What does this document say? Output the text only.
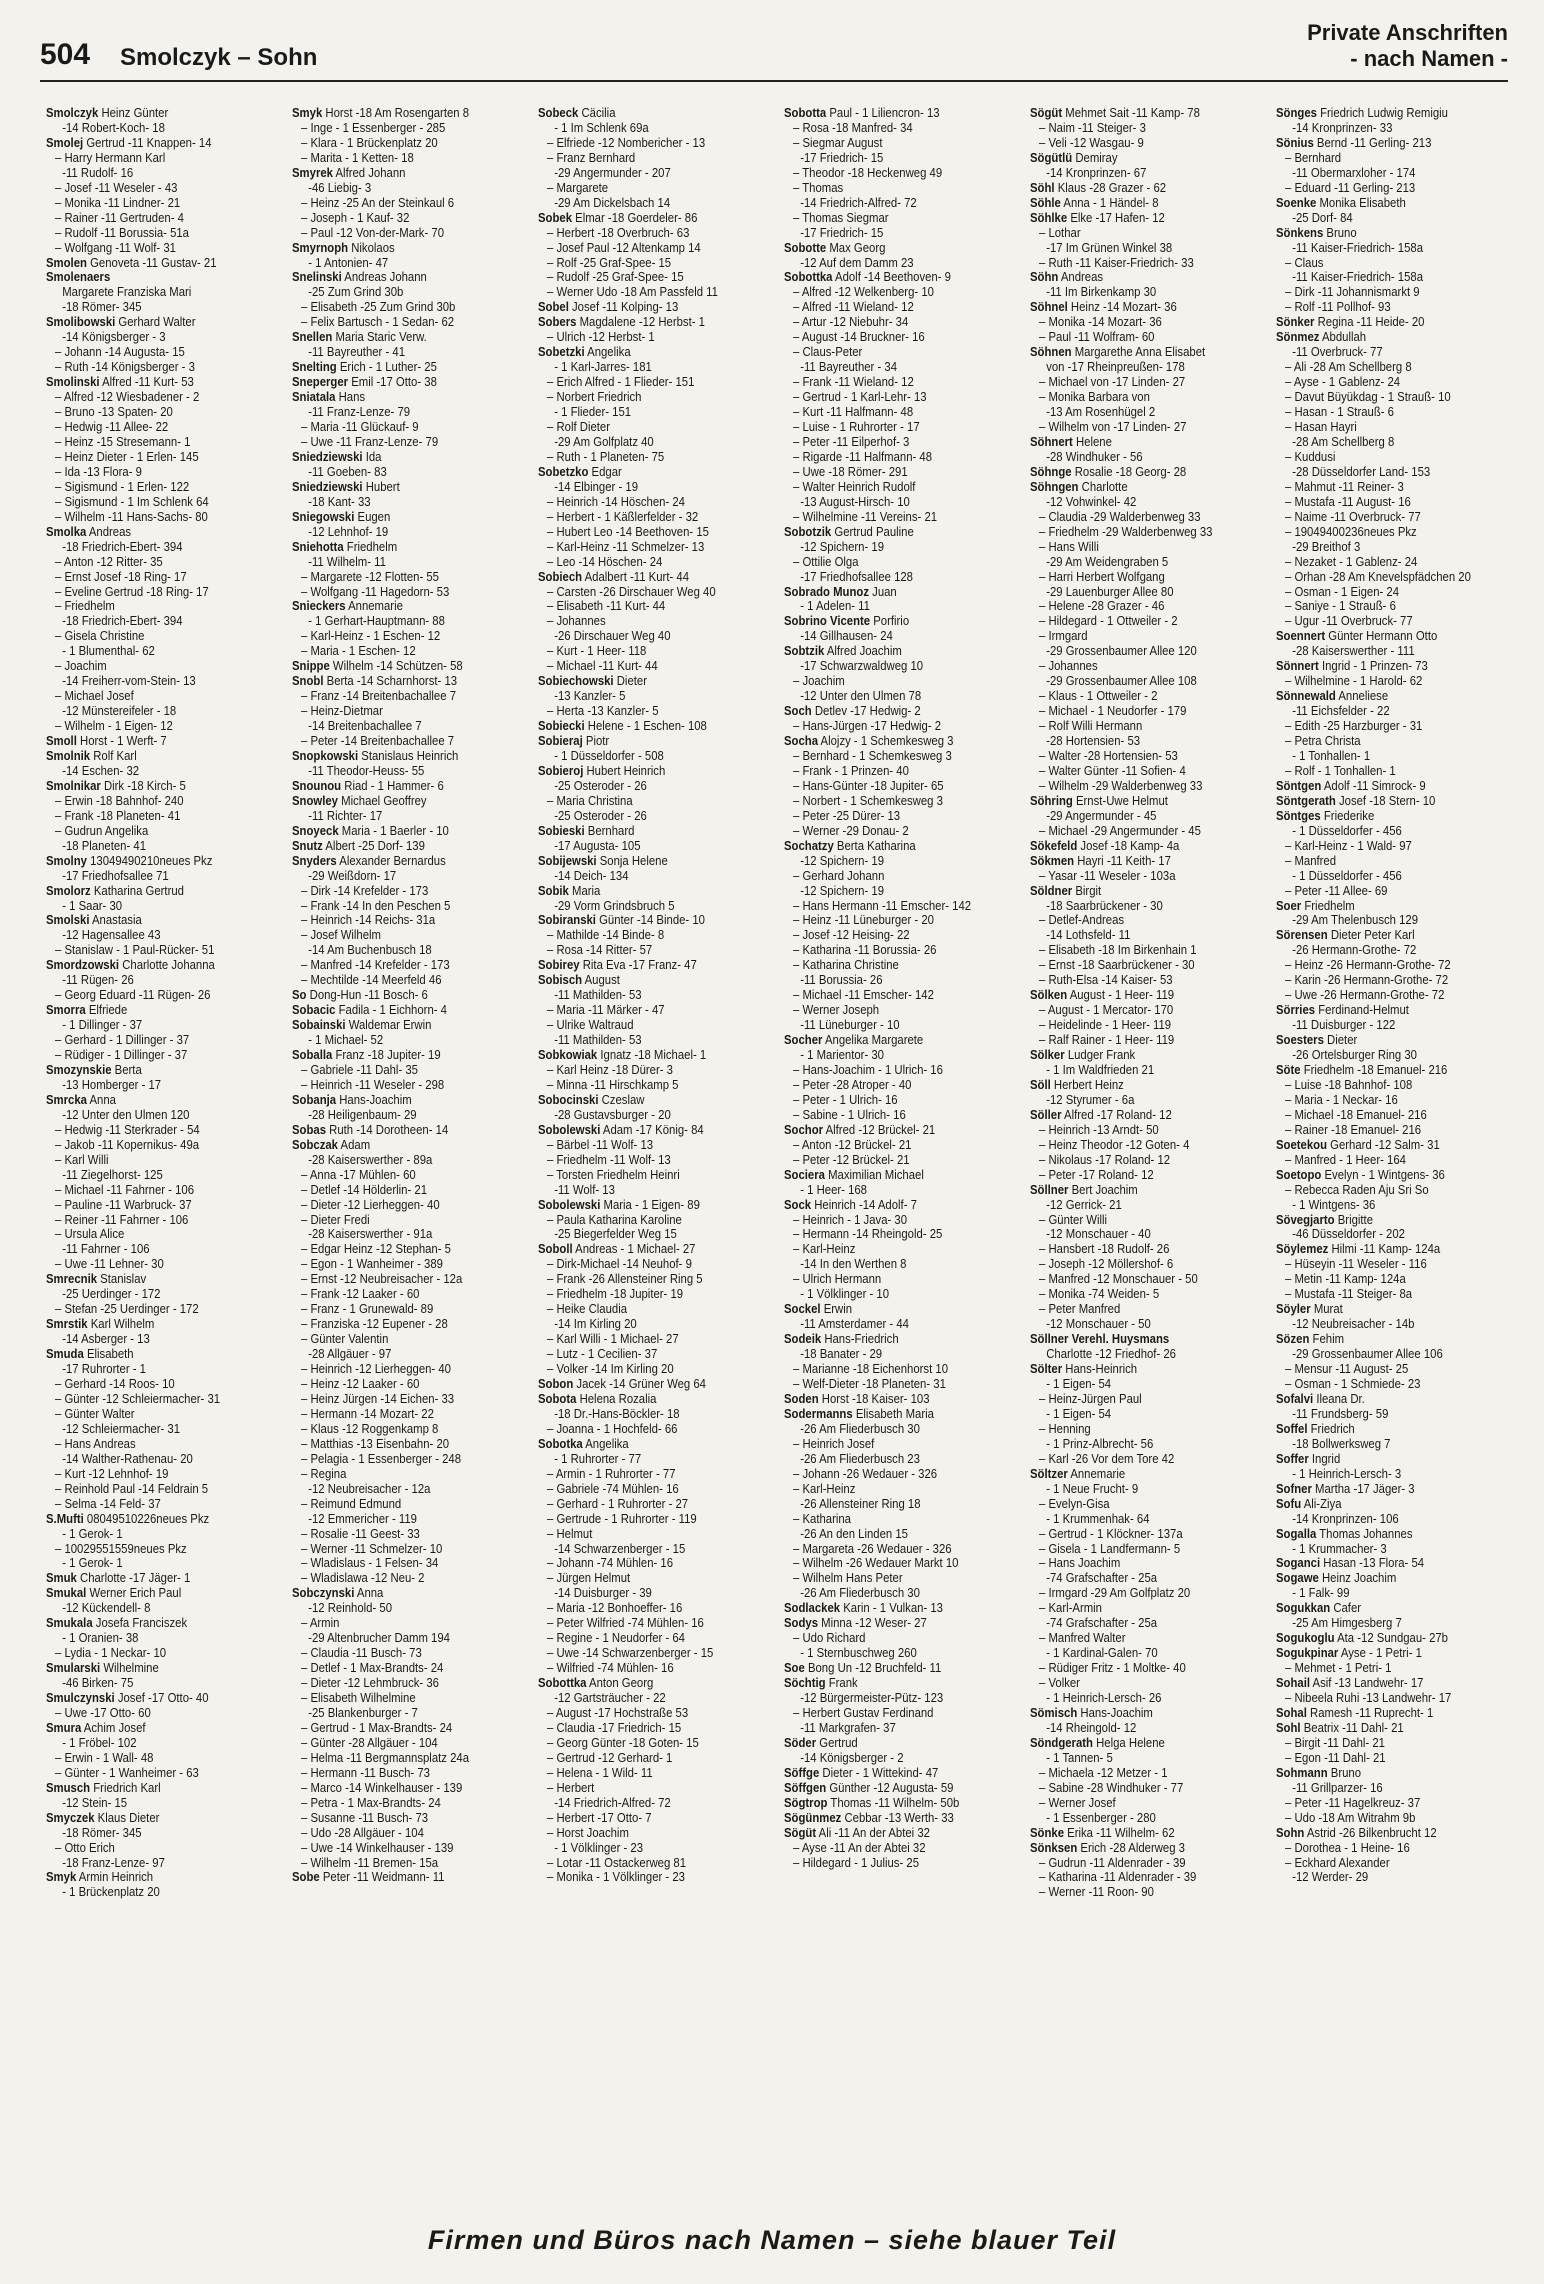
504 Smolczyk – Sohn
Private Anschriften
- nach Namen -
Smolczyk Heinz Günter
-14 Robert-Koch- 18
Smolej Gertrud -11 Knappen- 14
– Harry Hermann Karl
-11 Rudolf- 16
– Josef -11 Weseler - 43
– Monika -11 Lindner- 21
– Rainer -11 Gertruden- 4
– Rudolf -11 Borussia- 51a
– Wolfgang -11 Wolf- 31
Smolen Genoveta -11 Gustav- 21
Smolenaers
Margarete Franziska Mari
-18 Römer- 345
Smolibowski Gerhard Walter
-14 Königsberger - 3
– Johann -14 Augusta- 15
– Ruth -14 Königsberger - 3
Smolinski Alfred -11 Kurt- 53
– Alfred -12 Wiesbadener - 2
– Bruno -13 Spaten- 20
– Hedwig -11 Allee- 22
– Heinz -15 Stresemann- 1
– Heinz Dieter - 1 Erlen- 145
– Ida -13 Flora- 9
– Sigismund - 1 Erlen- 122
– Sigismund - 1 Im Schlenk 64
– Wilhelm -11 Hans-Sachs- 80
Smolka Andreas
-18 Friedrich-Ebert- 394
– Anton -12 Ritter- 35
– Ernst Josef -18 Ring- 17
– Eveline Gertrud -18 Ring- 17
– Friedhelm
-18 Friedrich-Ebert- 394
– Gisela Christine
- 1 Blumenthal- 62
– Joachim
-14 Freiherr-vom-Stein- 13
– Michael Josef
-12 Münstereifeler - 18
– Wilhelm - 1 Eigen- 12
Smoll Horst - 1 Werft- 7
Smolnik Rolf Karl
-14 Eschen- 32
Smolnikar Dirk -18 Kirch- 5
– Erwin -18 Bahnhof- 240
– Frank -18 Planeten- 41
– Gudrun Angelika
-18 Planeten- 41
Smolny 13049490210neues Pkz
-17 Friedhofsallee 71
Smolorz Katharina Gertrud
- 1 Saar- 30
Smolski Anastasia
-12 Hagensallee 43
– Stanislaw - 1 Paul-Rücker- 51
Smordzowski Charlotte Johanna
-11 Rügen- 26
– Georg Eduard -11 Rügen- 26
Smorra Elfriede
- 1 Dillinger - 37
– Gerhard - 1 Dillinger - 37
– Rüdiger - 1 Dillinger - 37
Smozynskie Berta
-13 Homberger - 17
Smrcka Anna
-12 Unter den Ulmen 120
– Hedwig -11 Sterkrader - 54
– Jakob -11 Kopernikus- 49a
– Karl Willi
-11 Ziegelhorst- 125
– Michael -11 Fahrner - 106
– Pauline -11 Warbruck- 37
– Reiner -11 Fahrner - 106
– Ursula Alice
-11 Fahrner - 106
– Uwe -11 Lehner- 30
Smrecnik Stanislav
-25 Uerdinger - 172
– Stefan -25 Uerdinger - 172
Smrstik Karl Wilhelm
-14 Asberger - 13
Smuda Elisabeth
-17 Ruhrorter - 1
– Gerhard -14 Roos- 10
– Günter -12 Schleiermacher- 31
– Günter Walter
-12 Schleiermacher- 31
– Hans Andreas
-14 Walther-Rathenau- 20
– Kurt -12 Lehnhof- 19
– Reinhold Paul -14 Feldrain 5
– Selma -14 Feld- 37
S.Mufti 08049510226neues Pkz
- 1 Gerok- 1
– 10029551559neues Pkz
- 1 Gerok- 1
Smuk Charlotte -17 Jäger- 1
Smukal Werner Erich Paul
-12 Kückendell- 8
Smukala Josefa Franciszek
- 1 Oranien- 38
– Lydia - 1 Neckar- 10
Smularski Wilhelmine
-46 Birken- 75
Smulczynski Josef -17 Otto- 40
– Uwe -17 Otto- 60
Smura Achim Josef
- 1 Fröbel- 102
– Erwin - 1 Wall- 48
– Günter - 1 Wanheimer - 63
Smusch Friedrich Karl
-12 Stein- 15
Smyczek Klaus Dieter
-18 Römer- 345
– Otto Erich
-18 Franz-Lenze- 97
Smyk Armin Heinrich
- 1 Brückenplatz 20
Smyk Horst -18 Am Rosengarten 8
– Inge - 1 Essenberger - 285
– Klara - 1 Brückenplatz 20
– Marita - 1 Ketten- 18
Smyrek Alfred Johann
-46 Liebig- 3
– Heinz -25 An der Steinkaul 6
– Joseph - 1 Kauf- 32
– Paul -12 Von-der-Mark- 70
Smyrnoph Nikolaos
- 1 Antonien- 47
Snelinski Andreas Johann
-25 Zum Grind 30b
– Elisabeth -25 Zum Grind 30b
– Felix Bartusch - 1 Sedan- 62
Snellen Maria Staric Verw.
-11 Bayreuther - 41
Snelting Erich - 1 Luther- 25
Sneperger Emil -17 Otto- 38
Sniatala Hans
-11 Franz-Lenze- 79
– Maria -11 Glückauf- 9
– Uwe -11 Franz-Lenze- 79
Sniedziewski Ida
-11 Goeben- 83
Sniedziewski Hubert
-18 Kant- 33
Sniegowski Eugen
-12 Lehnhof- 19
Sniehotta Friedhelm
-11 Wilhelm- 11
– Margarete -12 Flotten- 55
– Wolfgang -11 Hagedorn- 53
Snieckers Annemarie
- 1 Gerhart-Hauptmann- 88
– Karl-Heinz - 1 Eschen- 12
– Maria - 1 Eschen- 12
Snippe Wilhelm -14 Schützen- 58
Snobl Berta -14 Scharnhorst- 13
– Franz -14 Breitenbachallee 7
– Heinz-Dietmar
-14 Breitenbachallee 7
– Peter -14 Breitenbachallee 7
Snopkowski Stanislaus Heinrich
-11 Theodor-Heuss- 55
Snounou Riad - 1 Hammer- 6
Snowley Michael Geoffrey
-11 Richter- 17
Snoyeck Maria - 1 Baerler - 10
Snutz Albert -25 Dorf- 139
Snyders Alexander Bernardus
-29 Weißdorn- 17
– Dirk -14 Krefelder - 173
– Frank -14 In den Peschen 5
– Heinrich -14 Reichs- 31a
– Josef Wilhelm
-14 Am Buchenbusch 18
– Manfred -14 Krefelder - 173
– Mechtilde -14 Meerfeld 46
So Dong-Hun -11 Bosch- 6
Sobacic Fadila - 1 Eichhorn- 4
Sobainski Waldemar Erwin
- 1 Michael- 52
Soballa Franz -18 Jupiter- 19
– Gabriele -11 Dahl- 35
– Heinrich -11 Weseler - 298
Sobanja Hans-Joachim
-28 Heiligenbaum- 29
Sobas Ruth -14 Dorotheen- 14
Sobczak Adam
-28 Kaiserswerther - 89a
– Anna -17 Mühlen- 60
– Detlef -14 Hölderlin- 21
– Dieter -12 Lierheggen- 40
– Dieter Fredi
-28 Kaiserswerther - 91a
– Edgar Heinz -12 Stephan- 5
– Egon - 1 Wanheimer - 389
– Ernst -12 Neubreisacher - 12a
– Frank -12 Laaker - 60
– Franz - 1 Grunewald- 89
– Franziska -12 Eupener - 28
– Günter Valentin
-28 Allgäuer - 97
– Heinrich -12 Lierheggen- 40
– Heinz -12 Laaker - 60
– Heinz Jürgen -14 Eichen- 33
– Hermann -14 Mozart- 22
– Klaus -12 Roggenkamp 8
– Matthias -13 Eisenbahn- 20
– Pelagia - 1 Essenberger - 248
– Regina
-12 Neubreisacher - 12a
– Reimund Edmund
-12 Emmericher - 119
– Rosalie -11 Geest- 33
– Werner -11 Schmelzer- 10
– Wladislaus - 1 Felsen- 34
– Wladislawa -12 Neu- 2
Sobczynski Anna
-12 Reinhold- 50
– Armin
-29 Altenbrucher Damm 194
– Claudia -11 Busch- 73
– Detlef - 1 Max-Brandts- 24
– Dieter -12 Lehmbruck- 36
– Elisabeth Wilhelmine
-25 Blankenburger - 7
– Gertrud - 1 Max-Brandts- 24
– Günter -28 Allgäuer - 104
– Helma -11 Bergmannsplatz 24a
– Hermann -11 Busch- 73
– Marco -14 Winkelhauser - 139
– Petra - 1 Max-Brandts- 24
– Susanne -11 Busch- 73
– Udo -28 Allgäuer - 104
– Uwe -14 Winkelhauser - 139
– Wilhelm -11 Bremen- 15a
Sobe Peter -11 Weidmann- 11
Sobeck Cäcilia
- 1 Im Schlenk 69a
– Elfriede -12 Nombericher - 13
– Franz Bernhard
-29 Angermunder - 207
– Margarete
-29 Am Dickelsbach 14
Sobek Elmar -18 Goerdeler- 86
– Herbert -18 Overbruch- 63
– Josef Paul -12 Altenkamp 14
– Rolf -25 Graf-Spee- 15
– Rudolf -25 Graf-Spee- 15
– Werner Udo -18 Am Passfeld 11
Sobel Josef -11 Kolping- 13
Sobers Magdalene -12 Herbst- 1
– Ulrich -12 Herbst- 1
Sobetzki Angelika
- 1 Karl-Jarres- 181
– Erich Alfred - 1 Flieder- 151
– Norbert Friedrich
- 1 Flieder- 151
– Rolf Dieter
-29 Am Golfplatz 40
– Ruth - 1 Planeten- 75
Sobetzko Edgar
-14 Elbinger - 19
– Heinrich -14 Höschen- 24
– Herbert - 1 Käßlerfelder - 32
– Hubert Leo -14 Beethoven- 15
– Karl-Heinz -11 Schmelzer- 13
– Leo -14 Höschen- 24
Sobiech Adalbert -11 Kurt- 44
– Carsten -26 Dirschauer Weg 40
– Elisabeth -11 Kurt- 44
– Johannes
-26 Dirschauer Weg 40
– Kurt - 1 Heer- 118
– Michael -11 Kurt- 44
Sobiechowski Dieter
-13 Kanzler- 5
– Herta -13 Kanzler- 5
Sobiecki Helene - 1 Eschen- 108
Sobieraj Piotr
- 1 Düsseldorfer - 508
Sobieroj Hubert Heinrich
-25 Osteroder - 26
– Maria Christina
-25 Osteroder - 26
Sobieski Bernhard
-17 Augusta- 105
Sobijewski Sonja Helene
-14 Deich- 134
Sobik Maria
-29 Vorm Grindsbruch 5
Sobiranski Günter -14 Binde- 10
– Mathilde -14 Binde- 8
– Rosa -14 Ritter- 57
Sobirey Rita Eva -17 Franz- 47
Sobisch August
-11 Mathilden- 53
– Maria -11 Märker - 47
– Ulrike Waltraud
-11 Mathilden- 53
Sobkowiak Ignatz -18 Michael- 1
– Karl Heinz -18 Dürer- 3
– Minna -11 Hirschkamp 5
Sobocinski Czeslaw
-28 Gustavsburger - 20
Sobolewski Adam -17 König- 84
– Bärbel -11 Wolf- 13
– Friedhelm -11 Wolf- 13
– Torsten Friedhelm Heinri
-11 Wolf- 13
Sobolewski Maria - 1 Eigen- 89
– Paula Katharina Karoline
-25 Biegerfelder Weg 15
Soboll Andreas - 1 Michael- 27
– Dirk-Michael -14 Neuhof- 9
– Frank -26 Allensteiner Ring 5
– Friedhelm -18 Jupiter- 19
– Heike Claudia
-14 Im Kirling 20
– Karl Willi - 1 Michael- 27
– Lutz - 1 Cecilien- 37
– Volker -14 Im Kirling 20
Sobon Jacek -14 Grüner Weg 64
Sobota Helena Rozalia
-18 Dr.-Hans-Böckler- 18
– Joanna - 1 Hochfeld- 66
Sobotka Angelika
- 1 Ruhrorter - 77
– Armin - 1 Ruhrorter - 77
– Gabriele -74 Mühlen- 16
– Gerhard - 1 Ruhrorter - 27
– Gertrude - 1 Ruhrorter - 119
– Helmut
-14 Schwarzenberger - 15
– Johann -74 Mühlen- 16
– Jürgen Helmut
-14 Duisburger - 39
– Maria -12 Bonhoeffer- 16
– Peter Wilfried -74 Mühlen- 16
– Regine - 1 Neudorfer - 64
– Uwe -14 Schwarzenberger - 15
– Wilfried -74 Mühlen- 16
Sobottka Anton Georg
-12 Gartsträucher - 22
– August -17 Hochstraße 53
– Claudia -17 Friedrich- 15
– Georg Günter -18 Goten- 15
– Gertrud -12 Gerhard- 1
– Helena - 1 Wild- 11
– Herbert
-14 Friedrich-Alfred- 72
– Herbert -17 Otto- 7
– Horst Joachim
- 1 Völklinger - 23
– Lotar -11 Ostackerweg 81
– Monika - 1 Völklinger - 23
Sobotta Paul - 1 Liliencron- 13
– Rosa -18 Manfred- 34
– Siegmar August
-17 Friedrich- 15
– Theodor -18 Heckenweg 49
– Thomas
-14 Friedrich-Alfred- 72
– Thomas Siegmar
-17 Friedrich- 15
Sobotte Max Georg
-12 Auf dem Damm 23
Sobottka Adolf -14 Beethoven- 9
– Alfred -12 Welkenberg- 10
– Alfred -11 Wieland- 12
– Artur -12 Niebuhr- 34
– August -14 Bruckner- 16
– Claus-Peter
-11 Bayreuther - 34
– Frank -11 Wieland- 12
– Gertrud - 1 Karl-Lehr- 13
– Kurt -11 Halfmann- 48
– Luise - 1 Ruhrorter - 17
– Peter -11 Eilperhof- 3
– Rigarde -11 Halfmann- 48
– Uwe -18 Römer- 291
– Walter Heinrich Rudolf
-13 August-Hirsch- 10
– Wilhelmine -11 Vereins- 21
Sobotzik Gertrud Pauline
-12 Spichern- 19
– Ottilie Olga
-17 Friedhofsallee 128
Sobrado Munoz Juan
- 1 Adelen- 11
Sobrino Vicente Porfirio
-14 Gillhausen- 24
Sobtzik Alfred Joachim
-17 Schwarzwaldweg 10
– Joachim
-12 Unter den Ulmen 78
Soch Detlev -17 Hedwig- 2
– Hans-Jürgen -17 Hedwig- 2
Socha Alojzy - 1 Schemkesweg 3
– Bernhard - 1 Schemkesweg 3
– Frank - 1 Prinzen- 40
– Hans-Günter -18 Jupiter- 65
– Norbert - 1 Schemkesweg 3
– Peter -25 Dürer- 13
– Werner -29 Donau- 2
Sochatzy Berta Katharina
-12 Spichern- 19
– Gerhard Johann
-12 Spichern- 19
– Hans Hermann -11 Emscher- 142
– Heinz -11 Lüneburger - 20
– Josef -12 Heising- 22
– Katharina -11 Borussia- 26
– Katharina Christine
-11 Borussia- 26
– Michael -11 Emscher- 142
– Werner Joseph
-11 Lüneburger - 10
Socher Angelika Margarete
- 1 Marientor- 30
– Hans-Joachim - 1 Ulrich- 16
– Peter -28 Atroper - 40
– Peter - 1 Ulrich- 16
– Sabine - 1 Ulrich- 16
Sochor Alfred -12 Brückel- 21
– Anton -12 Brückel- 21
– Peter -12 Brückel- 21
Sociera Maximilian Michael
- 1 Heer- 168
Sock Heinrich -14 Adolf- 7
– Heinrich - 1 Java- 30
– Hermann -14 Rheingold- 25
– Karl-Heinz
-14 In den Werthen 8
– Ulrich Hermann
- 1 Völklinger - 10
Sockel Erwin
-11 Amsterdamer - 44
Sodeik Hans-Friedrich
-18 Banater - 29
– Marianne -18 Eichenhorst 10
– Welf-Dieter -18 Planeten- 31
Soden Horst -18 Kaiser- 103
Sodermanns Elisabeth Maria
-26 Am Fliederbusch 30
– Heinrich Josef
-26 Am Fliederbusch 23
– Johann -26 Wedauer - 326
– Karl-Heinz
-26 Allensteiner Ring 18
– Katharina
-26 An den Linden 15
– Margareta -26 Wedauer - 326
– Wilhelm -26 Wedauer Markt 10
– Wilhelm Hans Peter
-26 Am Fliederbusch 30
Sodlackek Karin - 1 Vulkan- 13
Sodys Minna -12 Weser- 27
– Udo Richard
- 1 Sternbuschweg 260
Soe Bong Un -12 Bruchfeld- 11
Söchtig Frank
-12 Bürgermeister-Pütz- 123
– Herbert Gustav Ferdinand
-11 Markgrafen- 37
Söder Gertrud
-14 Königsberger - 2
Söffge Dieter - 1 Wittekind- 47
Söffgen Günther -12 Augusta- 59
Sögtrop Thomas -11 Wilhelm- 50b
Sögünmez Cebbar -13 Werth- 33
Sögüt Ali -11 An der Abtei 32
– Ayse -11 An der Abtei 32
– Hildegard - 1 Julius- 25
Sögüt Mehmet Sait -11 Kamp- 78
– Naim -11 Steiger- 3
– Veli -12 Wasgau- 9
Sögütlü Demiray
-14 Kronprinzen- 67
Söhl Klaus -28 Grazer - 62
Söhle Anna - 1 Händel- 8
Söhlke Elke -17 Hafen- 12
– Lothar
-17 Im Grünen Winkel 38
– Ruth -11 Kaiser-Friedrich- 33
Söhn Andreas
-11 Im Birkenkamp 30
Söhnel Heinz -14 Mozart- 36
– Monika -14 Mozart- 36
– Paul -11 Wolfram- 60
Söhnen Margarethe Anna Elisabet
von -17 Rheinpreußen- 178
– Michael von -17 Linden- 27
– Monika Barbara von
-13 Am Rosenhügel 2
– Wilhelm von -17 Linden- 27
Söhnert Helene
-28 Windhuker - 56
Söhnge Rosalie -18 Georg- 28
Söhngen Charlotte
-12 Vohwinkel- 42
– Claudia -29 Walderbenweg 33
– Friedhelm -29 Walderbenweg 33
– Hans Willi
-29 Am Weidengraben 5
– Harri Herbert Wolfgang
-29 Lauenburger Allee 80
– Helene -28 Grazer - 46
– Hildegard - 1 Ottweiler - 2
– Irmgard
-29 Grossenbaumer Allee 120
– Johannes
-29 Grossenbaumer Allee 108
– Klaus - 1 Ottweiler - 2
– Michael - 1 Neudorfer - 179
– Rolf Willi Hermann
-28 Hortensien- 53
– Walter -28 Hortensien- 53
– Walter Günter -11 Sofien- 4
– Wilhelm -29 Walderbenweg 33
Söhring Ernst-Uwe Helmut
-29 Angermunder - 45
– Michael -29 Angermunder - 45
Sökefeld Josef -18 Kamp- 4a
Sökmen Hayri -11 Keith- 17
– Yasar -11 Weseler - 103a
Söldner Birgit
-18 Saarbrückener - 30
– Detlef-Andreas
-14 Lothsfeld- 11
– Elisabeth -18 Im Birkenhain 1
– Ernst -18 Saarbrückener - 30
– Ruth-Elsa -14 Kaiser- 53
Sölken August - 1 Heer- 119
– August - 1 Mercator- 170
– Heidelinde - 1 Heer- 119
– Ralf Rainer - 1 Heer- 119
Sölker Ludger Frank
- 1 Im Waldfrieden 21
Söll Herbert Heinz
-12 Styrumer - 6a
Söller Alfred -17 Roland- 12
– Heinrich -13 Arndt- 50
– Heinz Theodor -12 Goten- 4
– Nikolaus -17 Roland- 12
– Peter -17 Roland- 12
Söllner Bert Joachim
-12 Gerrick- 21
– Günter Willi
-12 Monschauer - 40
– Hansbert -18 Rudolf- 26
– Joseph -12 Möllershof- 6
– Manfred -12 Monschauer - 50
– Monika -74 Weiden- 5
– Peter Manfred
-12 Monschauer - 50
Söllner Verehl. Huysmans
Charlotte -12 Friedhof- 26
Sölter Hans-Heinrich
- 1 Eigen- 54
– Heinz-Jürgen Paul
- 1 Eigen- 54
– Henning
- 1 Prinz-Albrecht- 56
– Karl -26 Vor dem Tore 42
Söltzer Annemarie
- 1 Neue Frucht- 9
– Evelyn-Gisa
- 1 Krummenhak- 64
– Gertrud - 1 Klöckner- 137a
– Gisela - 1 Landfermann- 5
– Hans Joachim
-74 Grafschafter - 25a
– Irmgard -29 Am Golfplatz 20
– Karl-Armin
-74 Grafschafter - 25a
– Manfred Walter
- 1 Kardinal-Galen- 70
– Rüdiger Fritz - 1 Moltke- 40
– Volker
- 1 Heinrich-Lersch- 26
Sömisch Hans-Joachim
-14 Rheingold- 12
Söndgerath Helga Helene
- 1 Tannen- 5
– Michaela -12 Metzer - 1
– Sabine -28 Windhuker - 77
– Werner Josef
- 1 Essenberger - 280
Sönke Erika -11 Wilhelm- 62
Sönksen Erich -28 Alderweg 3
– Gudrun -11 Aldenrader - 39
– Katharina -11 Aldenrader - 39
– Werner -11 Roon- 90
Sönges Friedrich Ludwig Remigiu
-14 Kronprinzen- 33
Sönius Bernd -11 Gerling- 213
– Bernhard
-11 Obermarxloher - 174
– Eduard -11 Gerling- 213
Soenke Monika Elisabeth
-25 Dorf- 84
Sönkens Bruno
-11 Kaiser-Friedrich- 158a
– Claus
-11 Kaiser-Friedrich- 158a
– Dirk -11 Johannismarkt 9
– Rolf -11 Pollhof- 93
Sönker Regina -11 Heide- 20
Sönmez Abdullah
-11 Overbruck- 77
– Ali -28 Am Schellberg 8
– Ayse - 1 Gablenz- 24
– Davut Büyükdag - 1 Strauß- 10
– Hasan - 1 Strauß- 6
– Hasan Hayri
-28 Am Schellberg 8
– Kuddusi
-28 Düsseldorfer Land- 153
– Mahmut -11 Reiner- 3
– Mustafa -11 August- 16
– Naime -11 Overbruck- 77
– 19049400236neues Pkz
-29 Breithof 3
– Nezaket - 1 Gablenz- 24
– Orhan -28 Am Knevelspfädchen 20
– Osman - 1 Eigen- 24
– Saniye - 1 Strauß- 6
– Ugur -11 Overbruck- 77
Soennert Günter Hermann Otto
-28 Kaiserswerther - 111
Sönnert Ingrid - 1 Prinzen- 73
– Wilhelmine - 1 Harold- 62
Sönnewald Anneliese
-11 Eichsfelder - 22
– Edith -25 Harzburger - 31
– Petra Christa
- 1 Tonhallen- 1
– Rolf - 1 Tonhallen- 1
Söntgen Adolf -11 Simrock- 9
Söntgerath Josef -18 Stern- 10
Söntges Friederike
- 1 Düsseldorfer - 456
– Karl-Heinz - 1 Wald- 97
– Manfred
- 1 Düsseldorfer - 456
– Peter -11 Allee- 69
Soer Friedhelm
-29 Am Thelenbusch 129
Sörensen Dieter Peter Karl
-26 Hermann-Grothe- 72
– Heinz -26 Hermann-Grothe- 72
– Karin -26 Hermann-Grothe- 72
– Uwe -26 Hermann-Grothe- 72
Sörries Ferdinand-Helmut
-11 Duisburger - 122
Soesters Dieter
-26 Ortelsburger Ring 30
Söte Friedhelm -18 Emanuel- 216
– Luise -18 Bahnhof- 108
– Maria - 1 Neckar- 16
– Michael -18 Emanuel- 216
– Rainer -18 Emanuel- 216
Soetekou Gerhard -12 Salm- 31
– Manfred - 1 Heer- 164
Soetopo Evelyn - 1 Wintgens- 36
– Rebecca Raden Aju Sri So
- 1 Wintgens- 36
Sövegjarto Brigitte
-46 Düsseldorfer - 202
Söylemez Hilmi -11 Kamp- 124a
– Hüseyin -11 Weseler - 116
– Metin -11 Kamp- 124a
– Mustafa -11 Steiger- 8a
Söyler Murat
-12 Neubreisacher - 14b
Sözen Fehim
-29 Grossenbaumer Allee 106
– Mensur -11 August- 25
– Osman - 1 Schmiede- 23
Sofalvi Ileana Dr.
-11 Frundsberg- 59
Soffel Friedrich
-18 Bollwerksweg 7
Soffer Ingrid
- 1 Heinrich-Lersch- 3
Sofner Martha -17 Jäger- 3
Sofu Ali-Ziya
-14 Kronprinzen- 106
Sogalla Thomas Johannes
- 1 Krummacher- 3
Soganci Hasan -13 Flora- 54
Sogawe Heinz Joachim
- 1 Falk- 99
Sogukkan Cafer
-25 Am Himgesberg 7
Sogukoglu Ata -12 Sundgau- 27b
Sogukpinar Ayse - 1 Petri- 1
– Mehmet - 1 Petri- 1
Sohail Asif -13 Landwehr- 17
– Nibeela Ruhi -13 Landwehr- 17
Sohal Ramesh -11 Ruprecht- 1
Sohl Beatrix -11 Dahl- 21
– Birgit -11 Dahl- 21
– Egon -11 Dahl- 21
Sohmann Bruno
-11 Grillparzer- 16
– Peter -11 Hagelkreuz- 37
– Udo -18 Am Witrahm 9b
Sohn Astrid -26 Bilkenbrucht 12
– Dorothea - 1 Heine- 16
– Eckhard Alexander
-12 Werder- 29
Firmen und Büros nach Namen – siehe blauer Teil
